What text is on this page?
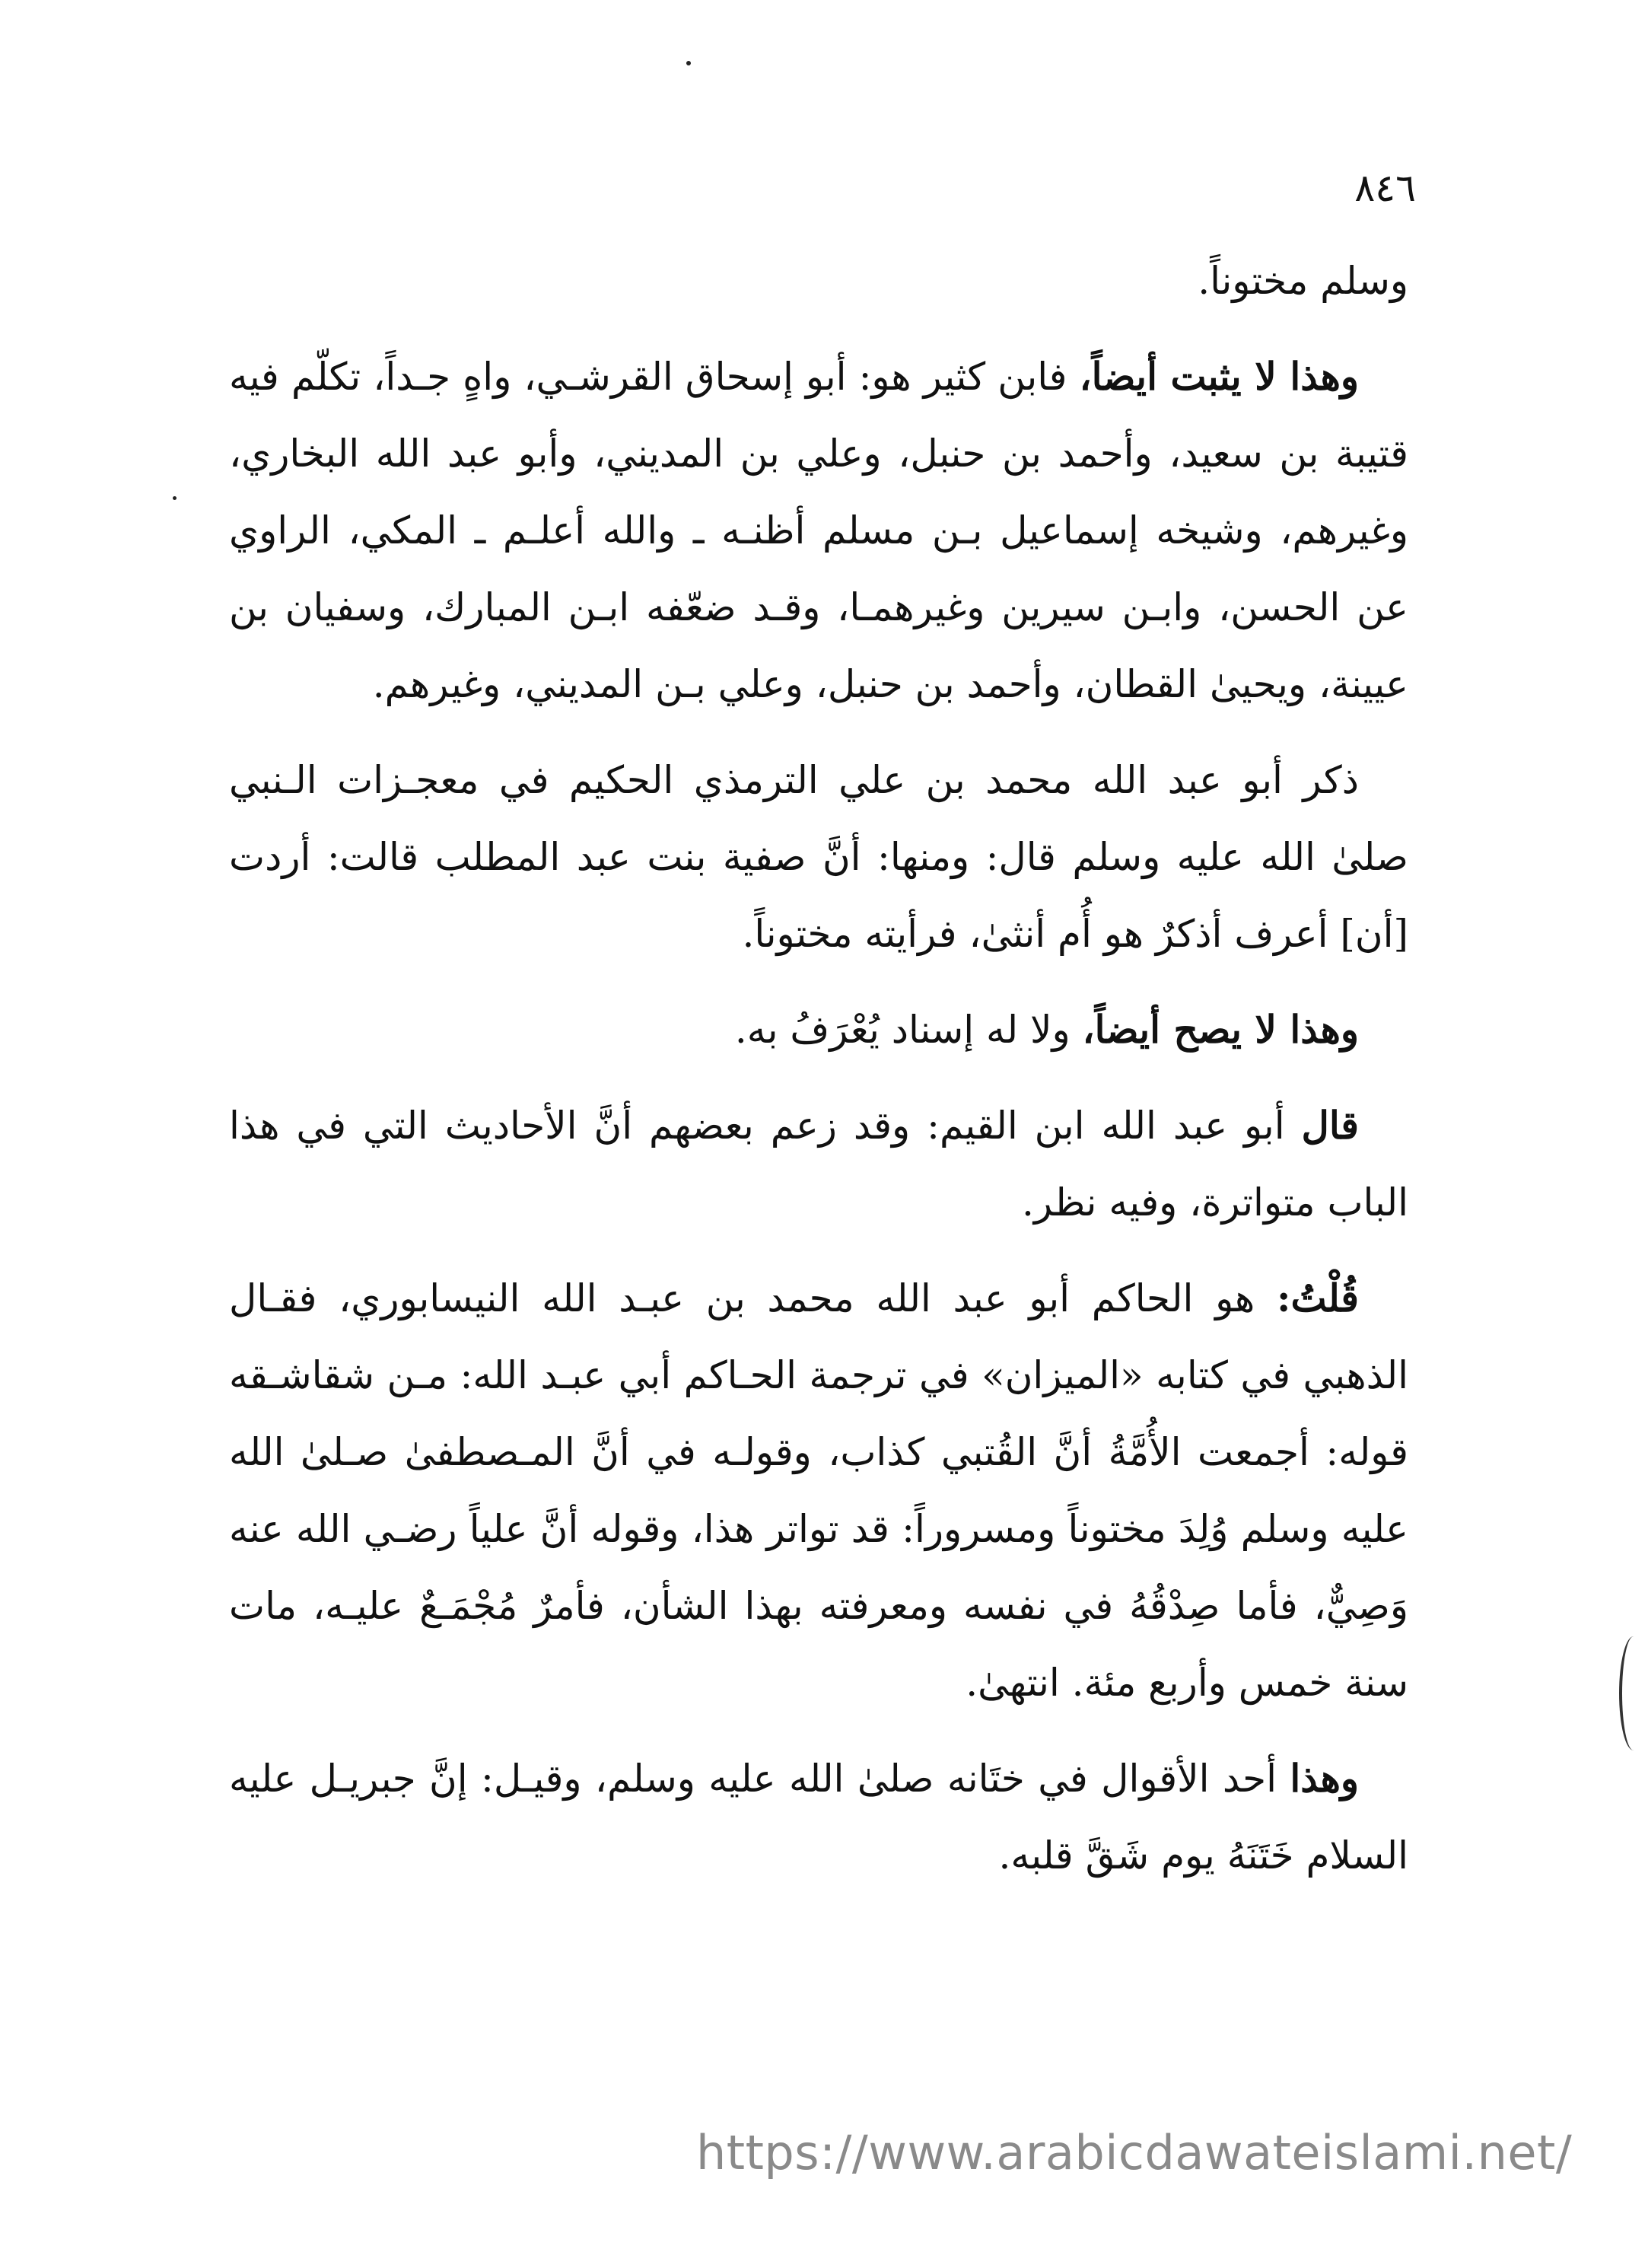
٨٤٦

وسلم مختوناً.

وهذا لا يثبت أيضاً، فابن كثير هو: أبو إسحاق القرشـي، واهٍ جـداً، تكلّم فيه قتيبة بن سعيد، وأحمد بن حنبل، وعلي بن المديني، وأبو عبد الله البخاري، وغيرهم، وشيخه إسماعيل بـن مسلم أظنـه ـ والله أعلـم ـ المكي، الراوي عن الحسن، وابـن سيرين وغيرهمـا، وقـد ضعّفه ابـن المبارك، وسفيان بن عيينة، ويحيىٰ القطان، وأحمد بن حنبل، وعلي بـن المديني، وغيرهم.

ذكر أبو عبد الله محمد بن علي الترمذي الحكيم في معجـزات الـنبي صلىٰ الله عليه وسلم قال: ومنها: أنَّ صفية بنت عبد المطلب قالت: أردت [أن] أعرف أذكرٌ هو أُم أنثىٰ، فرأيته مختوناً.

وهذا لا يصح أيضاً، ولا له إسناد يُعْرَفُ به.

قال أبو عبد الله ابن القيم: وقد زعم بعضهم أنَّ الأحاديث التي في هذا الباب متواترة، وفيه نظر.

قُلْتُ: هو الحاكم أبو عبد الله محمد بن عبـد الله النيسابوري، فقـال الذهبي في كتابه «الميزان» في ترجمة الحـاكم أبي عبـد الله: مـن شقاشـقه قوله: أجمعت الأُمَّةُ أنَّ القُتبي كذاب، وقولـه في أنَّ المـصطفىٰ صـلىٰ الله عليه وسلم وُلِدَ مختوناً ومسروراً: قد تواتر هذا، وقوله أنَّ علياً رضـي الله عنه وَصِيٌّ، فأما صِدْقُهُ في نفسه ومعرفته بهذا الشأن، فأمرٌ مُجْمَـعٌ عليـه، مات سنة خمس وأربع مئة. انتهىٰ.

وهذا أحد الأقوال في ختَانه صلىٰ الله عليه وسلم، وقيـل: إنَّ جبريـل عليه السلام خَتَنَهُ يوم شَقَّ قلبه.

https://www.arabicdawateislami.net/
